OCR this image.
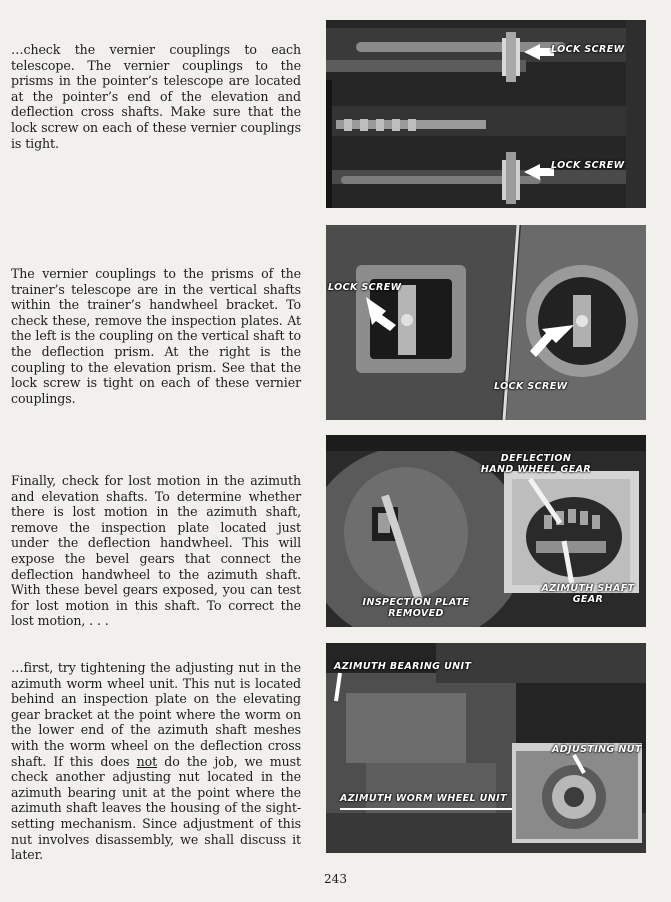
…check the vernier couplings to each telescope. The vernier couplings to the prisms in the pointer’s telescope are located at the pointer’s end of the elevation and deflection cross shafts. Make sure that the lock screw on each of these vernier couplings is tight.

The vernier couplings to the prisms of the trainer’s telescope are in the vertical shafts within the trainer’s handwheel bracket. To check these, remove the inspection plates. At the left is the coupling on the vertical shaft to the deflection prism. At the right is the coupling to the elevation prism. See that the lock screw is tight on each of these vernier couplings.

Finally, check for lost motion in the azimuth and elevation shafts. To determine whether there is lost motion in the azimuth shaft, remove the inspection plate located just under the deflection handwheel. This will expose the bevel gears that connect the deflection handwheel to the azimuth shaft. With these bevel gears exposed, you can test for lost motion in this shaft. To correct the lost motion, . . .

…first, try tightening the adjusting nut in the azimuth worm wheel unit. This nut is located behind an inspection plate on the elevating gear bracket at the point where the worm on the lower end of the azimuth shaft meshes with the worm wheel on the deflection cross shaft. If this does not do the job, we must check another adjusting nut located in the azimuth bearing unit at the point where the azimuth shaft leaves the housing of the sight-setting mechanism. Since adjustment of this nut involves disassembly, we shall discuss it later.

LOCK SCREW
LOCK SCREW
LOCK SCREW
LOCK SCREW
DEFLECTION
HAND WHEEL GEAR
AZIMUTH SHAFT
GEAR
INSPECTION PLATE
REMOVED
AZIMUTH BEARING UNIT
ADJUSTING NUT
AZIMUTH WORM WHEEL UNIT
243
